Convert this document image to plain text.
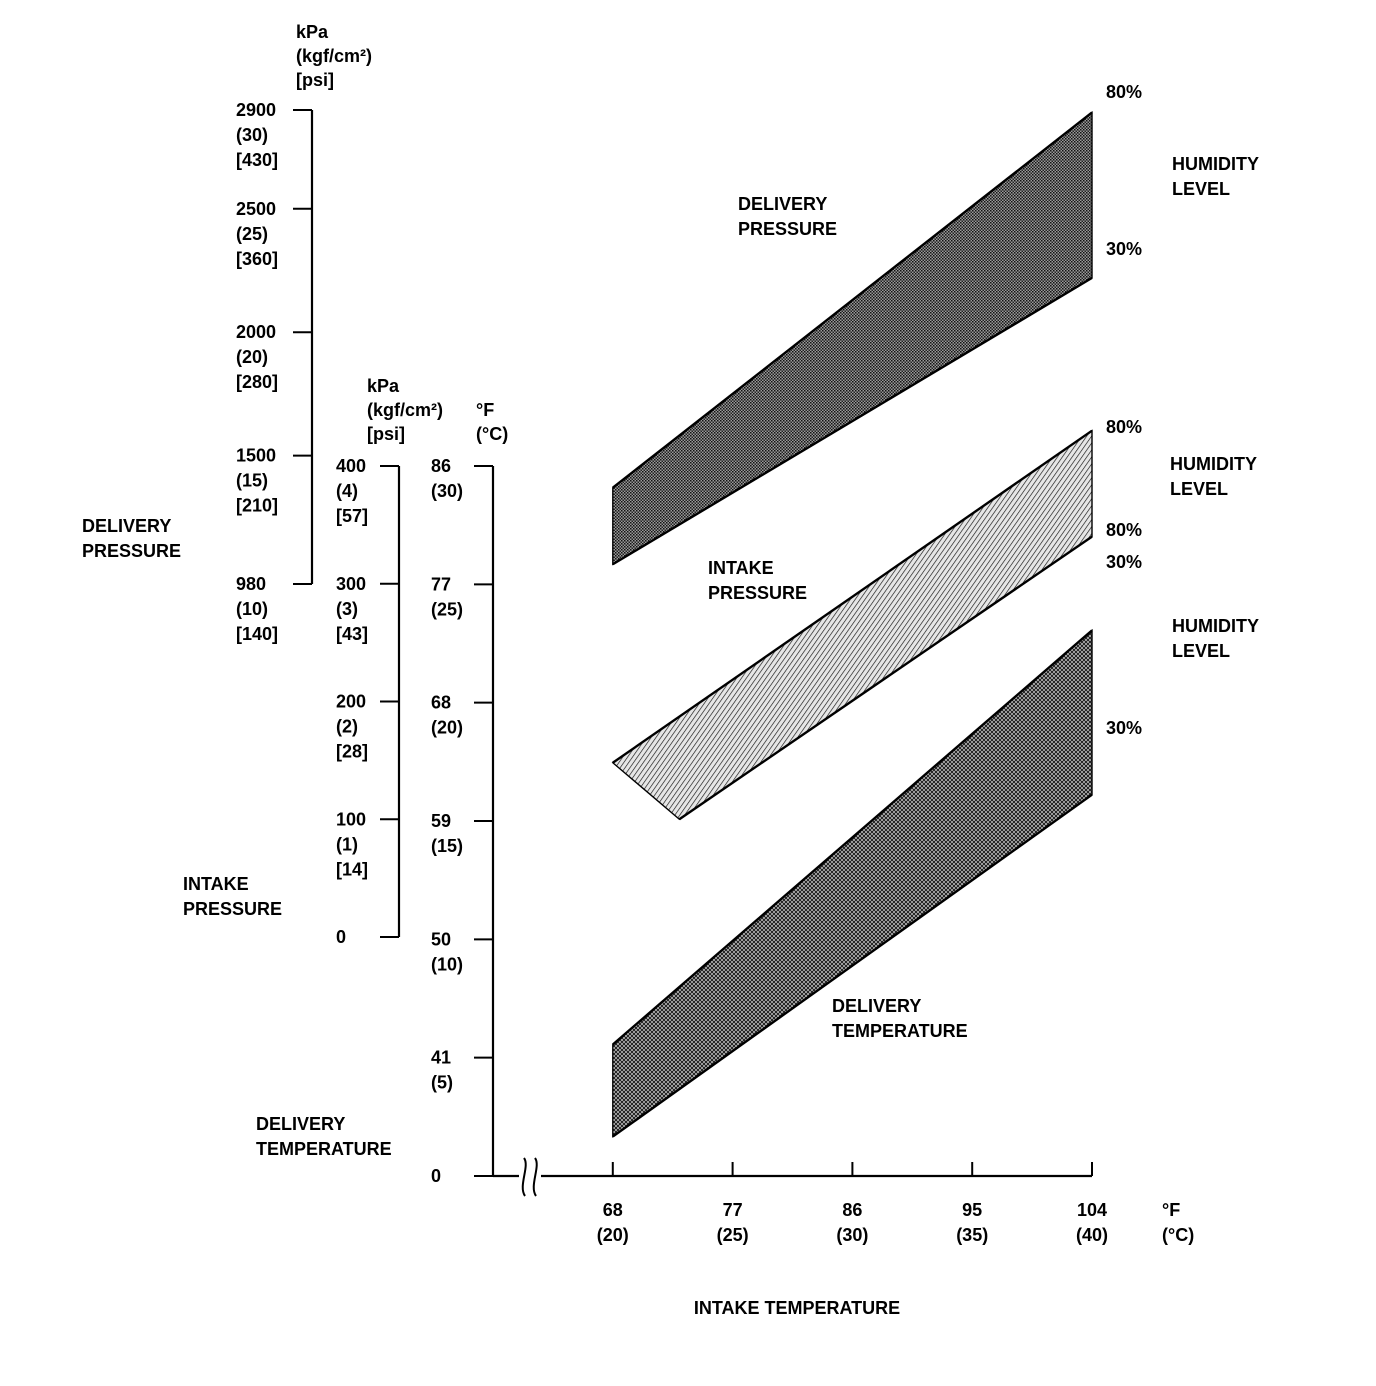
2900
(30)
[430]
2500
(25)
[360]
2000
(20)
[280]
1500
(15)
[210]
980
(10)
[140]
kPa
(kgf/cm²)
[psi]
DELIVERY
PRESSURE
400
(4)
[57]
300
(3)
[43]
200
(2)
[28]
100
(1)
[14]
0
kPa
(kgf/cm²)
[psi]
INTAKE
PRESSURE
86
(30)
77
(25)
68
(20)
59
(15)
50
(10)
41
(5)
0
°F
(°C)
DELIVERY
TEMPERATURE
68
(20)
77
(25)
86
(30)
95
(35)
104
(40)
°F
(°C)
INTAKE TEMPERATURE
DELIVERY
PRESSURE
80%
30%
HUMIDITY
LEVEL
INTAKE
PRESSURE
80%
30%
HUMIDITY
LEVEL
DELIVERY
TEMPERATURE
80%
30%
HUMIDITY
LEVEL
